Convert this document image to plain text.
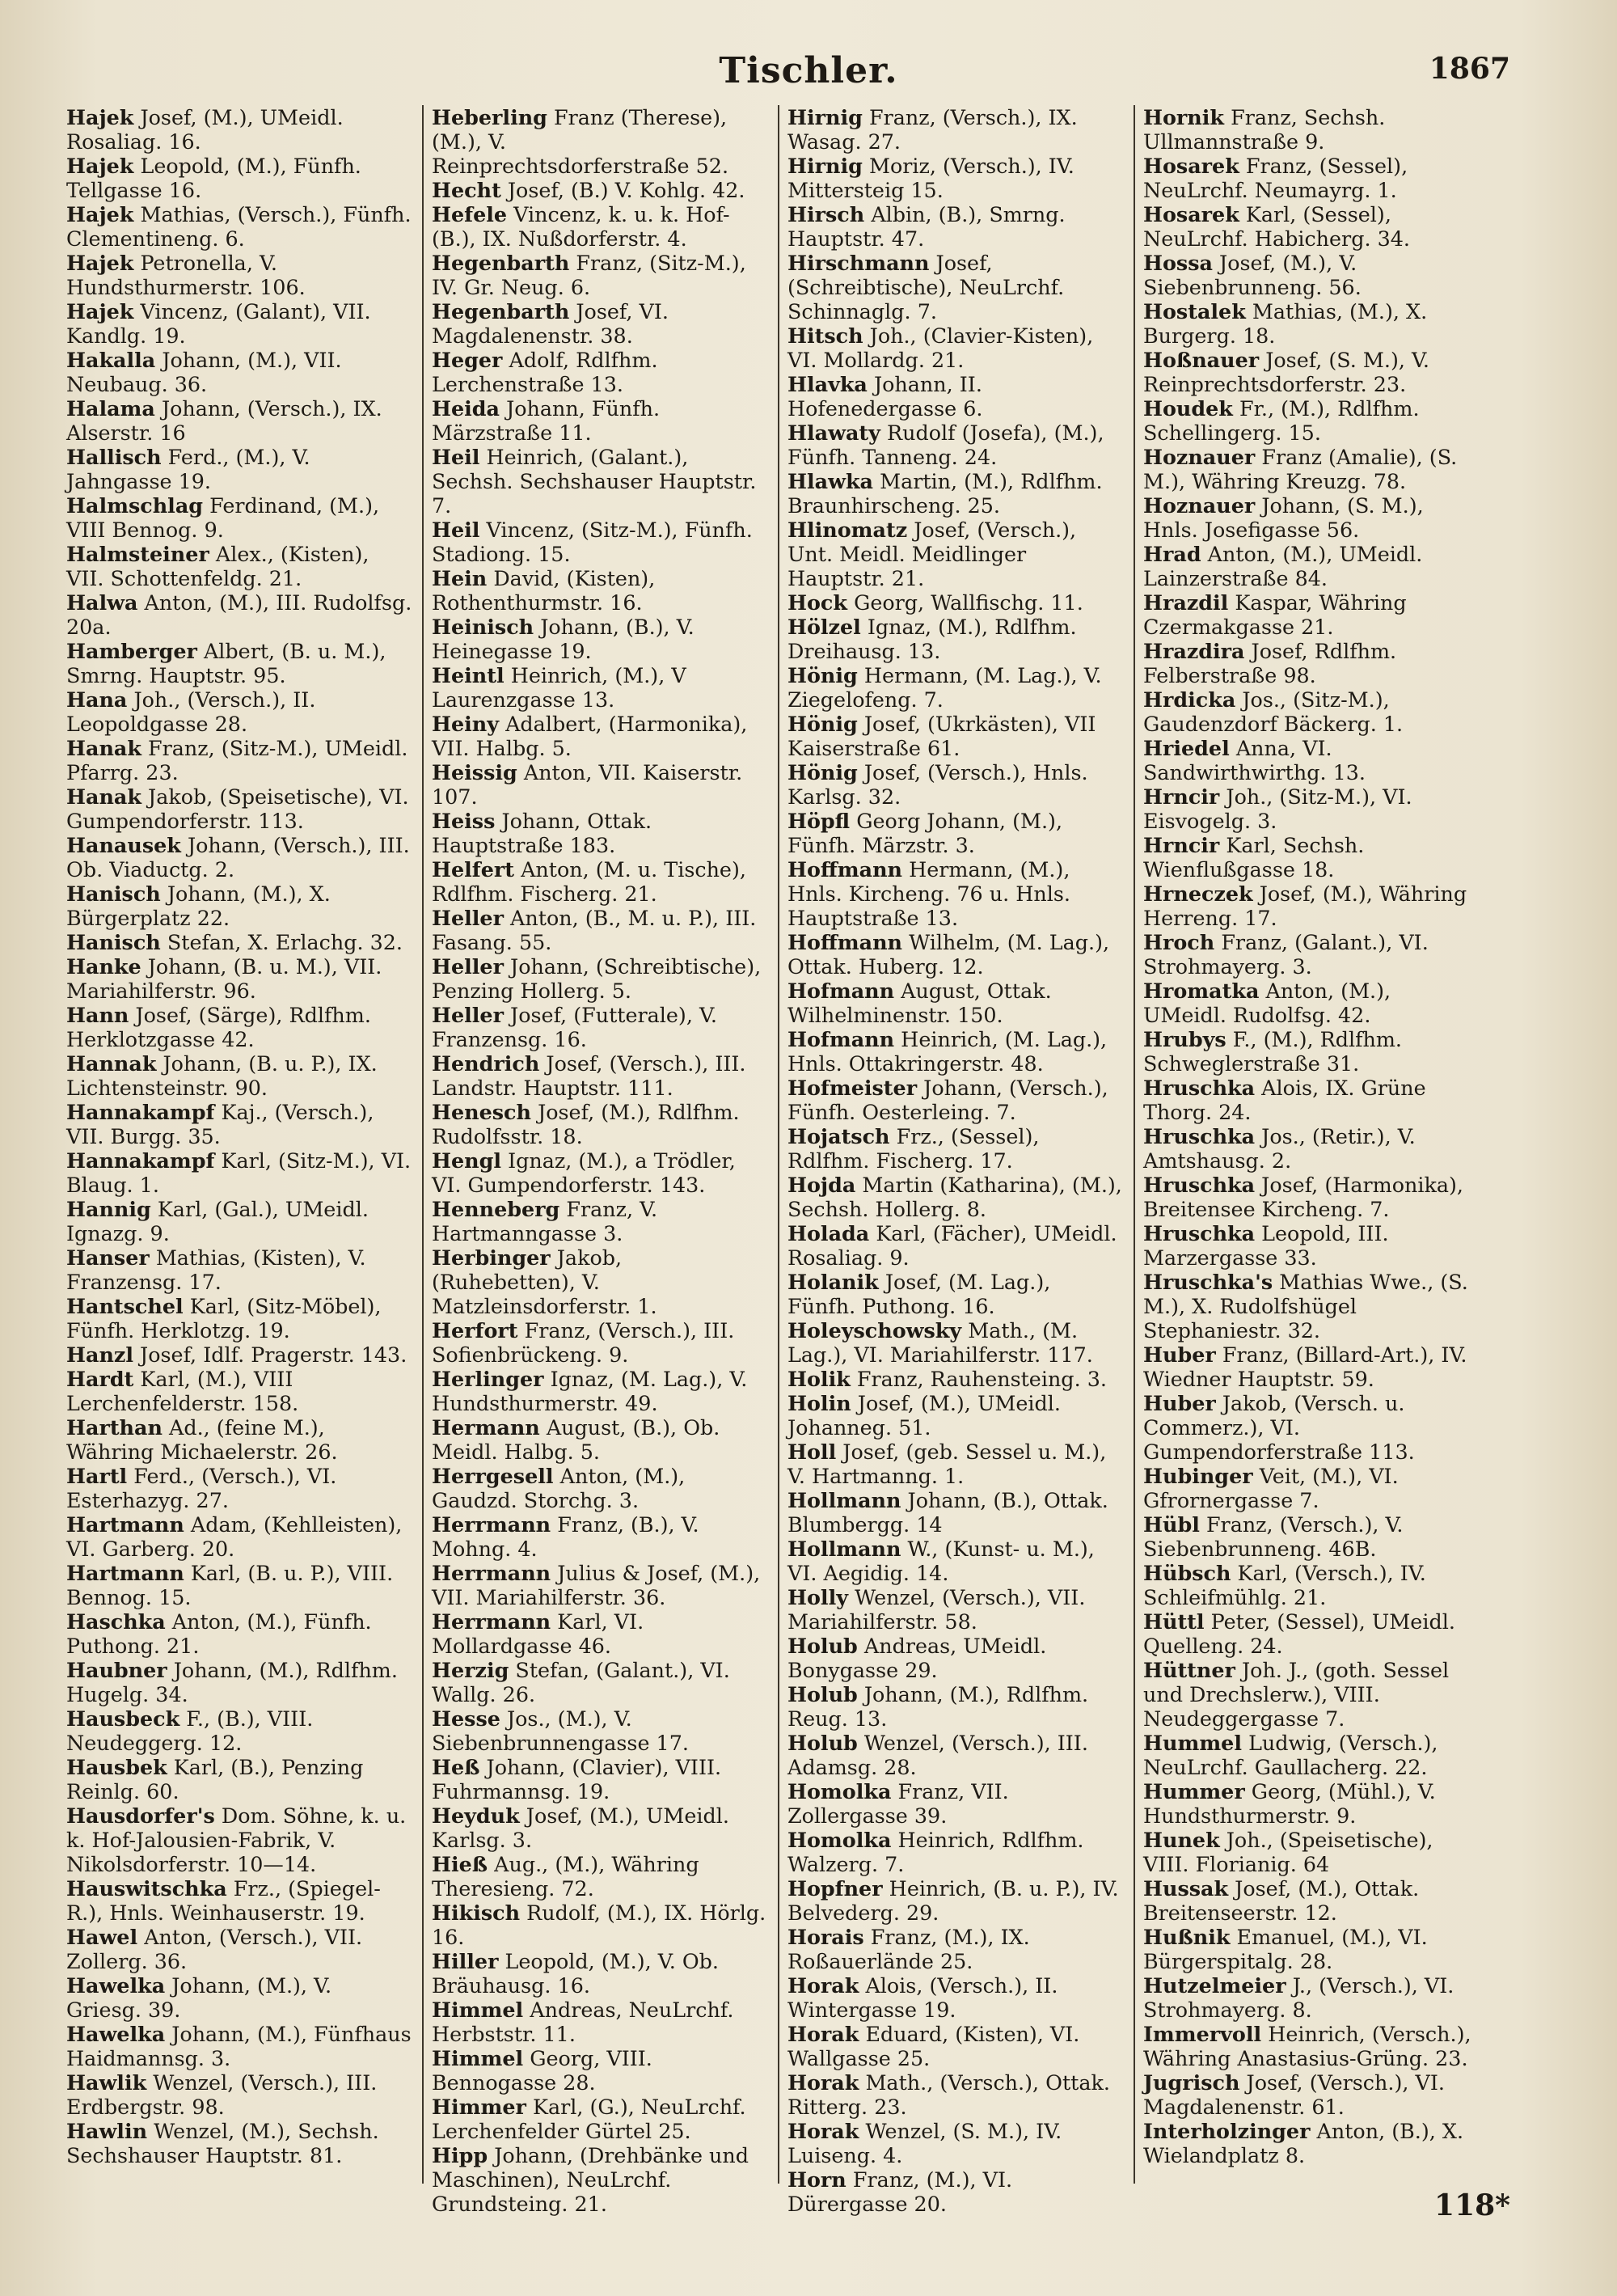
Tischler.	1867
Hajek Josef, (M.), UMeidl. Rosaliag. 16.
Hajek Leopold, (M.), Fünfh. Tellgasse 16.
Hajek Mathias, (Versch.), Fünfh. Clementineng. 6.
Hajek Petronella, V. Hundsthurmerstr. 106.
Hajek Vincenz, (Galant), VII. Kandlg. 19.
Hakalla Johann, (M.), VII. Neubaug. 36.
Halama Johann, (Versch.), IX. Alserstr. 16
Hallisch Ferd., (M.), V. Jahngasse 19.
Halmschlag Ferdinand, (M.), VIII Bennog. 9.
Halmsteiner Alex., (Kisten), VII. Schottenfeldg. 21.
Halwa Anton, (M.), III. Rudolfsg. 20a.
Hamberger Albert, (B. u. M.), Smrng. Hauptstr. 95.
Hana Joh., (Versch.), II. Leopoldgasse 28.
Hanak Franz, (Sitz-M.), UMeidl. Pfarrg. 23.
Hanak Jakob, (Speisetische), VI. Gumpendorferstr. 113.
Hanausek Johann, (Versch.), III. Ob. Viaductg. 2.
Hanisch Johann, (M.), X. Bürgerplatz 22.
Hanisch Stefan, X. Erlachg. 32.
Hanke Johann, (B. u. M.), VII. Mariahilferstr. 96.
Hann Josef, (Särge), Rdlfhm. Herklotzgasse 42.
Hannak Johann, (B. u. P.), IX. Lichtensteinstr. 90.
Hannakampf Kaj., (Versch.), VII. Burgg. 35.
Hannakampf Karl, (Sitz-M.), VI. Blaug. 1.
Hannig Karl, (Gal.), UMeidl. Ignazg. 9.
Hanser Mathias, (Kisten), V. Franzensg. 17.
Hantschel Karl, (Sitz-Möbel), Fünfh. Herklotzg. 19.
Hanzl Josef, Idlf. Pragerstr. 143.
Hardt Karl, (M.), VIII Lerchenfelderstr. 158.
Harthan Ad., (feine M.), Währing Michaelerstr. 26.
Hartl Ferd., (Versch.), VI. Esterhazyg. 27.
Hartmann Adam, (Kehlleisten), VI. Garberg. 20.
Hartmann Karl, (B. u. P.), VIII. Bennog. 15.
Haschka Anton, (M.), Fünfh. Puthong. 21.
Haubner Johann, (M.), Rdlfhm. Hugelg. 34.
Hausbeck F., (B.), VIII. Neudeggerg. 12.
Hausbek Karl, (B.), Penzing Reinlg. 60.
Hausdorfer's Dom. Söhne, k. u. k. Hof-Jalousien-Fabrik, V. Nikolsdorferstr. 10—14.
Hauswitschka Frz., (Spiegel-R.), Hnls. Weinhauserstr. 19.
Hawel Anton, (Versch.), VII. Zollerg. 36.
Hawelka Johann, (M.), V. Griesg. 39.
Hawelka Johann, (M.), Fünfhaus Haidmannsg. 3.
Hawlik Wenzel, (Versch.), III. Erdbergstr. 98.
Hawlin Wenzel, (M.), Sechsh. Sechshauser Hauptstr. 81.
Heberling Franz (Therese), (M.), V. Reinprechtsdorferstraße 52.
Hecht Josef, (B.) V. Kohlg. 42.
Hefele Vincenz, k. u. k. Hof-(B.), IX. Nußdorferstr. 4.
Hegenbarth Franz, (Sitz-M.), IV. Gr. Neug. 6.
Hegenbarth Josef, VI. Magdalenenstr. 38.
Heger Adolf, Rdlfhm. Lerchenstraße 13.
Heida Johann, Fünfh. Märzstraße 11.
Heil Heinrich, (Galant.), Sechsh. Sechshauser Hauptstr. 7.
Heil Vincenz, (Sitz-M.), Fünfh. Stadiong. 15.
Hein David, (Kisten), Rothenthurmstr. 16.
Heinisch Johann, (B.), V. Heinegasse 19.
Heintl Heinrich, (M.), V Laurenzgasse 13.
Heiny Adalbert, (Harmonika), VII. Halbg. 5.
Heissig Anton, VII. Kaiserstr. 107.
Heiss Johann, Ottak. Hauptstraße 183.
Helfert Anton, (M. u. Tische), Rdlfhm. Fischerg. 21.
Heller Anton, (B., M. u. P.), III. Fasang. 55.
Heller Johann, (Schreibtische), Penzing Hollerg. 5.
Heller Josef, (Futterale), V. Franzensg. 16.
Hendrich Josef, (Versch.), III. Landstr. Hauptstr. 111.
Henesch Josef, (M.), Rdlfhm. Rudolfsstr. 18.
Hengl Ignaz, (M.), a Trödler, VI. Gumpendorferstr. 143.
Henneberg Franz, V. Hartmanngasse 3.
Herbinger Jakob, (Ruhebetten), V. Matzleinsdorferstr. 1.
Herfort Franz, (Versch.), III. Sofienbrückeng. 9.
Herlinger Ignaz, (M. Lag.), V. Hundsthurmerstr. 49.
Hermann August, (B.), Ob. Meidl. Halbg. 5.
Herrgesell Anton, (M.), Gaudzd. Storchg. 3.
Herrmann Franz, (B.), V. Mohng. 4.
Herrmann Julius & Josef, (M.), VII. Mariahilferstr. 36.
Herrmann Karl, VI. Mollardgasse 46.
Herzig Stefan, (Galant.), VI. Wallg. 26.
Hesse Jos., (M.), V. Siebenbrunnengasse 17.
Heß Johann, (Clavier), VIII. Fuhrmannsg. 19.
Heyduk Josef, (M.), UMeidl. Karlsg. 3.
Hieß Aug., (M.), Währing Theresieng. 72.
Hikisch Rudolf, (M.), IX. Hörlg. 16.
Hiller Leopold, (M.), V. Ob. Bräuhausg. 16.
Himmel Andreas, NeuLrchf. Herbststr. 11.
Himmel Georg, VIII. Bennogasse 28.
Himmer Karl, (G.), NeuLrchf. Lerchenfelder Gürtel 25.
Hipp Johann, (Drehbänke und Maschinen), NeuLrchf. Grundsteing. 21.
Hirnig Franz, (Versch.), IX. Wasag. 27.
Hirnig Moriz, (Versch.), IV. Mittersteig 15.
Hirsch Albin, (B.), Smrng. Hauptstr. 47.
Hirschmann Josef, (Schreibtische), NeuLrchf. Schinnaglg. 7.
Hitsch Joh., (Clavier-Kisten), VI. Mollardg. 21.
Hlavka Johann, II. Hofenedergasse 6.
Hlawaty Rudolf (Josefa), (M.), Fünfh. Tanneng. 24.
Hlawka Martin, (M.), Rdlfhm. Braunhirscheng. 25.
Hlinomatz Josef, (Versch.), Unt. Meidl. Meidlinger Hauptstr. 21.
Hock Georg, Wallfischg. 11.
Hölzel Ignaz, (M.), Rdlfhm. Dreihausg. 13.
Hönig Hermann, (M. Lag.), V. Ziegelofeng. 7.
Hönig Josef, (Ukrkästen), VII Kaiserstraße 61.
Hönig Josef, (Versch.), Hnls. Karlsg. 32.
Höpfl Georg Johann, (M.), Fünfh. Märzstr. 3.
Hoffmann Hermann, (M.), Hnls. Kircheng. 76 u. Hnls. Hauptstraße 13.
Hoffmann Wilhelm, (M. Lag.), Ottak. Huberg. 12.
Hofmann August, Ottak. Wilhelminenstr. 150.
Hofmann Heinrich, (M. Lag.), Hnls. Ottakringerstr. 48.
Hofmeister Johann, (Versch.), Fünfh. Oesterleing. 7.
Hojatsch Frz., (Sessel), Rdlfhm. Fischerg. 17.
Hojda Martin (Katharina), (M.), Sechsh. Hollerg. 8.
Holada Karl, (Fächer), UMeidl. Rosaliag. 9.
Holanik Josef, (M. Lag.), Fünfh. Puthong. 16.
Holeyschowsky Math., (M. Lag.), VI. Mariahilferstr. 117.
Holik Franz, Rauhensteing. 3.
Holin Josef, (M.), UMeidl. Johanneg. 51.
Holl Josef, (geb. Sessel u. M.), V. Hartmanng. 1.
Hollmann Johann, (B.), Ottak. Blumbergg. 14
Hollmann W., (Kunst- u. M.), VI. Aegidig. 14.
Holly Wenzel, (Versch.), VII. Mariahilferstr. 58.
Holub Andreas, UMeidl. Bonygasse 29.
Holub Johann, (M.), Rdlfhm. Reug. 13.
Holub Wenzel, (Versch.), III. Adamsg. 28.
Homolka Franz, VII. Zollergasse 39.
Homolka Heinrich, Rdlfhm. Walzerg. 7.
Hopfner Heinrich, (B. u. P.), IV. Belvederg. 29.
Horais Franz, (M.), IX. Roßauerlände 25.
Horak Alois, (Versch.), II. Wintergasse 19.
Horak Eduard, (Kisten), VI. Wallgasse 25.
Horak Math., (Versch.), Ottak. Ritterg. 23.
Horak Wenzel, (S. M.), IV. Luiseng. 4.
Horn Franz, (M.), VI. Dürergasse 20.
Hornik Franz, Sechsh. Ullmannstraße 9.
Hosarek Franz, (Sessel), NeuLrchf. Neumayrg. 1.
Hosarek Karl, (Sessel), NeuLrchf. Habicherg. 34.
Hossa Josef, (M.), V. Siebenbrunneng. 56.
Hostalek Mathias, (M.), X. Burgerg. 18.
Hoßnauer Josef, (S. M.), V. Reinprechtsdorferstr. 23.
Houdek Fr., (M.), Rdlfhm. Schellingerg. 15.
Hoznauer Franz (Amalie), (S. M.), Währing Kreuzg. 78.
Hoznauer Johann, (S. M.), Hnls. Josefigasse 56.
Hrad Anton, (M.), UMeidl. Lainzerstraße 84.
Hrazdil Kaspar, Währing Czermakgasse 21.
Hrazdira Josef, Rdlfhm. Felberstraße 98.
Hrdicka Jos., (Sitz-M.), Gaudenzdorf Bäckerg. 1.
Hriedel Anna, VI. Sandwirthwirthg. 13.
Hrncir Joh., (Sitz-M.), VI. Eisvogelg. 3.
Hrncir Karl, Sechsh. Wienflußgasse 18.
Hrneczek Josef, (M.), Währing Herreng. 17.
Hroch Franz, (Galant.), VI. Strohmayerg. 3.
Hromatka Anton, (M.), UMeidl. Rudolfsg. 42.
Hrubys F., (M.), Rdlfhm. Schweglerstraße 31.
Hruschka Alois, IX. Grüne Thorg. 24.
Hruschka Jos., (Retir.), V. Amtshausg. 2.
Hruschka Josef, (Harmonika), Breitensee Kircheng. 7.
Hruschka Leopold, III. Marzergasse 33.
Hruschka's Mathias Wwe., (S. M.), X. Rudolfshügel Stephaniestr. 32.
Huber Franz, (Billard-Art.), IV. Wiedner Hauptstr. 59.
Huber Jakob, (Versch. u. Commerz.), VI. Gumpendorferstraße 113.
Hubinger Veit, (M.), VI. Gfrornergasse 7.
Hübl Franz, (Versch.), V. Siebenbrunneng. 46B.
Hübsch Karl, (Versch.), IV. Schleifmühlg. 21.
Hüttl Peter, (Sessel), UMeidl. Quelleng. 24.
Hüttner Joh. J., (goth. Sessel und Drechslerw.), VIII. Neudeggergasse 7.
Hummel Ludwig, (Versch.), NeuLrchf. Gaullacherg. 22.
Hummer Georg, (Mühl.), V. Hundsthurmerstr. 9.
Hunek Joh., (Speisetische), VIII. Florianig. 64
Hussak Josef, (M.), Ottak. Breitenseerstr. 12.
Hußnik Emanuel, (M.), VI. Bürgerspitalg. 28.
Hutzelmeier J., (Versch.), VI. Strohmayerg. 8.
Immervoll Heinrich, (Versch.), Währing Anastasius-Grüng. 23.
Jugrisch Josef, (Versch.), VI. Magdalenenstr. 61.
Interholzinger Anton, (B.), X. Wielandplatz 8.
118*
